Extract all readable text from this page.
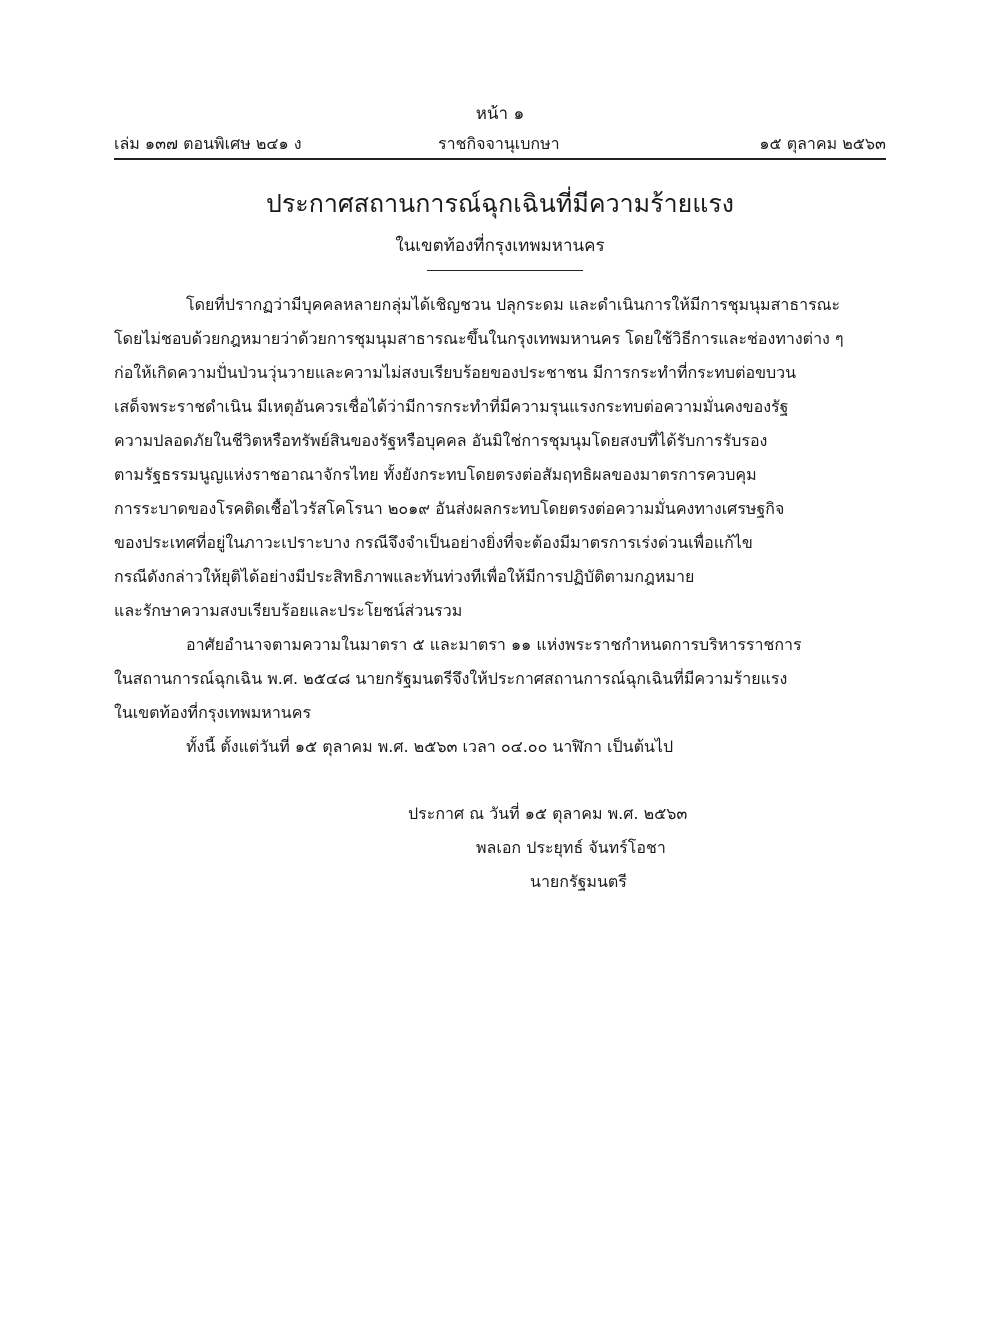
หน้า ๑
เล่ม ๑๓๗ ตอนพิเศษ ๒๔๑ ง	ราชกิจจานุเบกษา	๑๕ ตุลาคม ๒๕๖๓
ประกาศสถานการณ์ฉุกเฉินที่มีความร้ายแรง
ในเขตท้องที่กรุงเทพมหานคร
โดยที่ปรากฏว่ามีบุคคลหลายกลุ่มได้เชิญชวน ปลุกระดม และดำเนินการให้มีการชุมนุมสาธารณะ
โดยไม่ชอบด้วยกฎหมายว่าด้วยการชุมนุมสาธารณะขึ้นในกรุงเทพมหานคร โดยใช้วิธีการและช่องทางต่าง ๆ
ก่อให้เกิดความปั่นป่วนวุ่นวายและความไม่สงบเรียบร้อยของประชาชน มีการกระทำที่กระทบต่อขบวน
เสด็จพระราชดำเนิน มีเหตุอันควรเชื่อได้ว่ามีการกระทำที่มีความรุนแรงกระทบต่อความมั่นคงของรัฐ
ความปลอดภัยในชีวิตหรือทรัพย์สินของรัฐหรือบุคคล อันมิใช่การชุมนุมโดยสงบที่ได้รับการรับรอง
ตามรัฐธรรมนูญแห่งราชอาณาจักรไทย ทั้งยังกระทบโดยตรงต่อสัมฤทธิผลของมาตรการควบคุม
การระบาดของโรคติดเชื้อไวรัสโคโรนา ๒๐๑๙ อันส่งผลกระทบโดยตรงต่อความมั่นคงทางเศรษฐกิจ
ของประเทศที่อยู่ในภาวะเปราะบาง กรณีจึงจำเป็นอย่างยิ่งที่จะต้องมีมาตรการเร่งด่วนเพื่อแก้ไข
กรณีดังกล่าวให้ยุติได้อย่างมีประสิทธิภาพและทันท่วงทีเพื่อให้มีการปฏิบัติตามกฎหมาย
และรักษาความสงบเรียบร้อยและประโยชน์ส่วนรวม
อาศัยอำนาจตามความในมาตรา ๕ และมาตรา ๑๑ แห่งพระราชกำหนดการบริหารราชการ
ในสถานการณ์ฉุกเฉิน พ.ศ. ๒๕๔๘ นายกรัฐมนตรีจึงให้ประกาศสถานการณ์ฉุกเฉินที่มีความร้ายแรง
ในเขตท้องที่กรุงเทพมหานคร
ทั้งนี้ ตั้งแต่วันที่ ๑๕ ตุลาคม พ.ศ. ๒๕๖๓ เวลา ๐๔.๐๐ นาฬิกา เป็นต้นไป
ประกาศ ณ วันที่ ๑๕ ตุลาคม พ.ศ. ๒๕๖๓
พลเอก ประยุทธ์ จันทร์โอชา
นายกรัฐมนตรี
